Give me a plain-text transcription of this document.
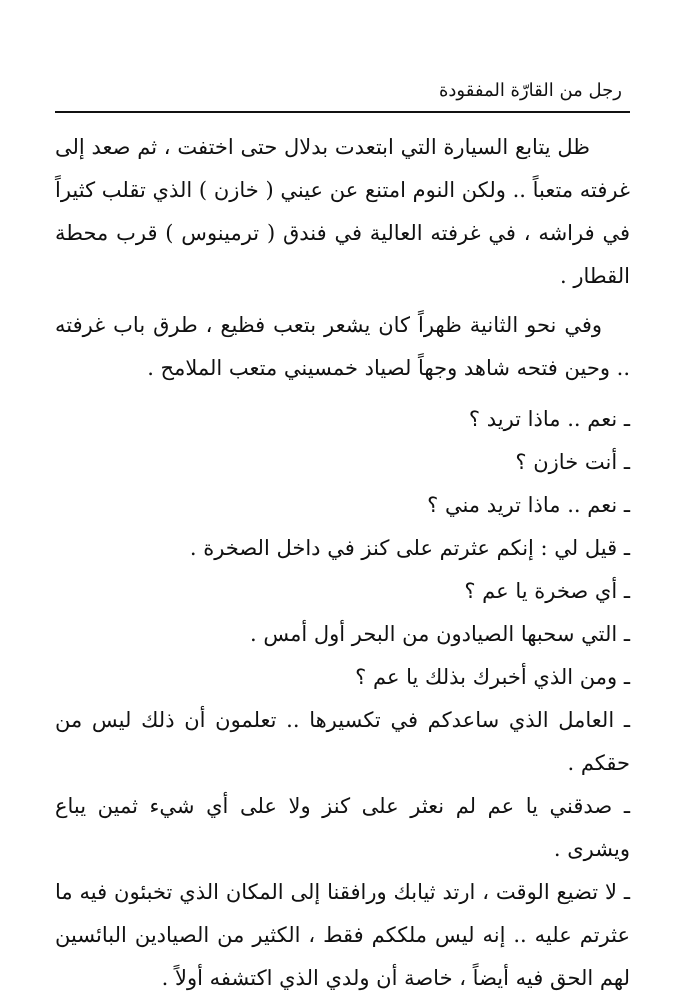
رجل من القارّة المفقودة

ظل يتابع السيارة التي ابتعدت بدلال حتى اختفت ، ثم صعد إلى غرفته متعباً .. ولكن النوم امتنع عن عيني ( خازن ) الذي تقلب كثيراً في فراشه ، في غرفته العالية في فندق ( ترمينوس ) قرب محطة القطار .

وفي نحو الثانية ظهراً كان يشعر بتعب فظيع ، طرق باب غرفته .. وحين فتحه شاهد وجهاً لصياد خمسيني متعب الملامح .

ـ نعم .. ماذا تريد ؟

ـ أنت خازن ؟

ـ نعم .. ماذا تريد مني ؟

ـ قيل لي : إنكم عثرتم على كنز في داخل الصخرة .

ـ أي صخرة يا عم ؟

ـ التي سحبها الصيادون من البحر أول أمس .

ـ ومن الذي أخبرك بذلك يا عم ؟

ـ العامل الذي ساعدكم في تكسيرها .. تعلمون أن ذلك ليس من حقكم .

ـ صدقني يا عم لم نعثر على كنز ولا على أي شيء ثمين يباع ويشرى .

ـ لا تضيع الوقت ، ارتد ثيابك ورافقنا إلى المكان الذي تخبئون فيه ما عثرتم عليه .. إنه ليس ملككم فقط ، الكثير من الصيادين البائسين لهم الحق فيه أيضاً ، خاصة أن ولدي الذي اكتشفه أولاً .
